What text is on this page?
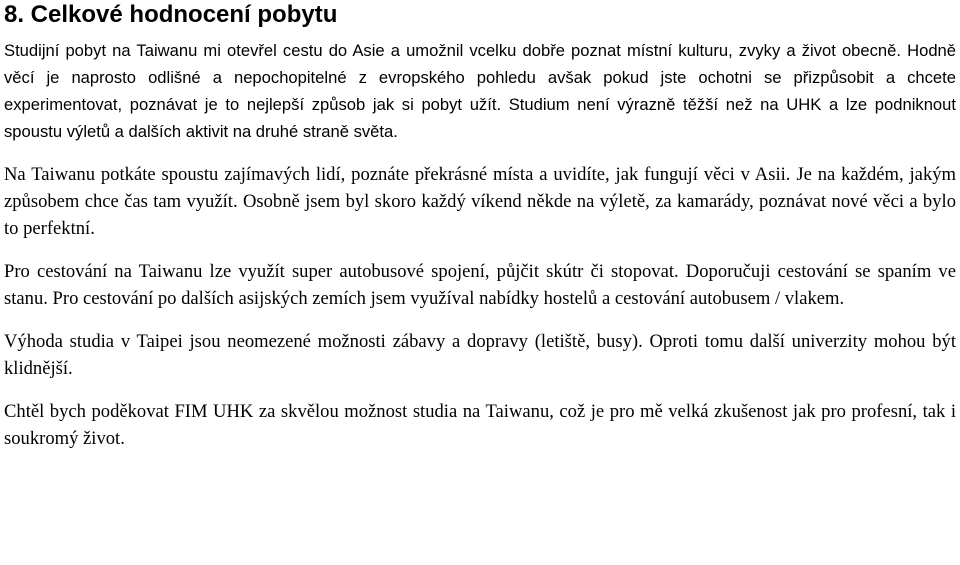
8. Celkové hodnocení pobytu

Studijní pobyt na Taiwanu mi otevřel cestu do Asie a umožnil vcelku dobře poznat místní kulturu, zvyky a život obecně. Hodně věcí je naprosto odlišné a nepochopitelné z evropského pohledu avšak pokud jste ochotni se přizpůsobit a chcete experimentovat, poznávat je to nejlepší způsob jak si pobyt užít. Studium není výrazně těžší než na UHK a lze podniknout spoustu výletů a dalších aktivit na druhé straně světa.

Na Taiwanu potkáte spoustu zajímavých lidí, poznáte překrásné místa a uvidíte, jak fungují věci v Asii. Je na každém, jakým způsobem chce čas tam využít. Osobně jsem byl skoro každý víkend někde na výletě, za kamarády, poznávat nové věci a bylo to perfektní.

Pro cestování na Taiwanu lze využít super autobusové spojení, půjčit skútr či stopovat. Doporučuji cestování se spaním ve stanu. Pro cestování po dalších asijských zemích jsem využíval nabídky hostelů a cestování autobusem / vlakem.

Výhoda studia v Taipei jsou neomezené možnosti zábavy a dopravy (letiště, busy). Oproti tomu další univerzity mohou být klidnější.

Chtěl bych poděkovat FIM UHK za skvělou možnost studia na Taiwanu, což je pro mě velká zkušenost jak pro profesní, tak i soukromý život.
